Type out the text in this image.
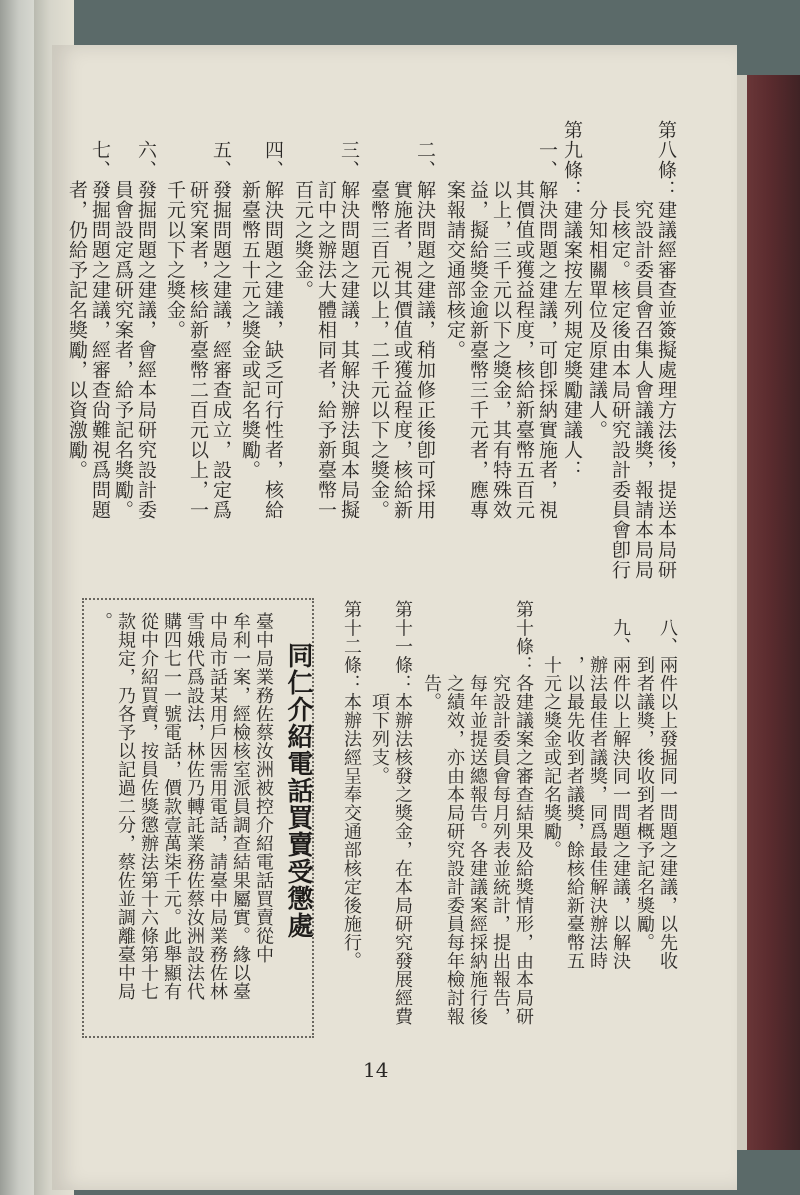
第八條：建議經審查並簽擬處理方法後，提送本局研
　　　　究設計委員會召集人會議議獎，報請本局局
　　　　長核定。核定後由本局研究設計委員會卽行
　　　　分知相關單位及原建議人。
第九條：建議案按左列規定獎勵建議人：
　一、解決問題之建議，可卽採納實施者，視
　　　其價值或獲益程度，核給新臺幣五百元
　　　以上，三千元以下之獎金，其有特殊效
　　　益，擬給獎金逾新臺幣三千元者，應專
　　　案報請交通部核定。
　二、解決問題之建議，稍加修正後卽可採用
　　　實施者，視其價值或獲益程度，核給新
　　　臺幣三百元以上，二千元以下之獎金。
　三、解決問題之建議，其解決辦法與本局擬
　　　訂中之辦法大體相同者，給予新臺幣一
　　　百元之獎金。
　四、解決問題之建議，缺乏可行性者，核給
　　　新臺幣五十元之獎金或記名獎勵。
　五、發掘問題之建議，經審查成立，設定爲
　　　研究案者，核給新臺幣二百元以上，一
　　　千元以下之獎金。
　六、發掘問題之建議，會經本局研究設計委
　　　員會設定爲研究案者，給予記名獎勵。
　七、發掘問題之建議，經審查尙難視爲問題
　　　者，仍給予記名獎勵，以資激勵。
　八、兩件以上發掘同一問題之建議，以先收
　　　到者議獎，後收到者概予記名獎勵。
　九、兩件以上解決同一問題之建議，以解決
　　　辦法最佳者議獎，同爲最佳解決辦法時
　　　，以最先收到者議獎，餘核給新臺幣五
　　　十元之獎金或記名獎勵。
第十條：各建議案之審查結果及給獎情形，由本局研
　　　　究設計委員會每月列表並統計，提出報告，
　　　　每年並提送總報告。各建議案經採納施行後
　　　　之績效，亦由本局研究設計委員每年檢討報
　　　　告。
第十一條：本辦法核發之獎金，在本局研究發展經費
　　　　　項下列支。
第十二條：本辦法經呈奉交通部核定後施行。
同仁介紹電話買賣受懲處
臺中局業務佐蔡汝洲被控介紹電話買賣從中
牟利一案，經檢核室派員調查結果屬實。緣以臺
中局市話某用戶因需用電話，請臺中局業務佐林
雪娥代爲設法，林佐乃轉託業務佐蔡汝洲設法代
購四七一一號電話，價款壹萬柒千元。此舉顯有
從中介紹買賣，按員佐獎懲辦法第十六條第十七
款規定，乃各予以記過二分，蔡佐並調離臺中局
。
14
